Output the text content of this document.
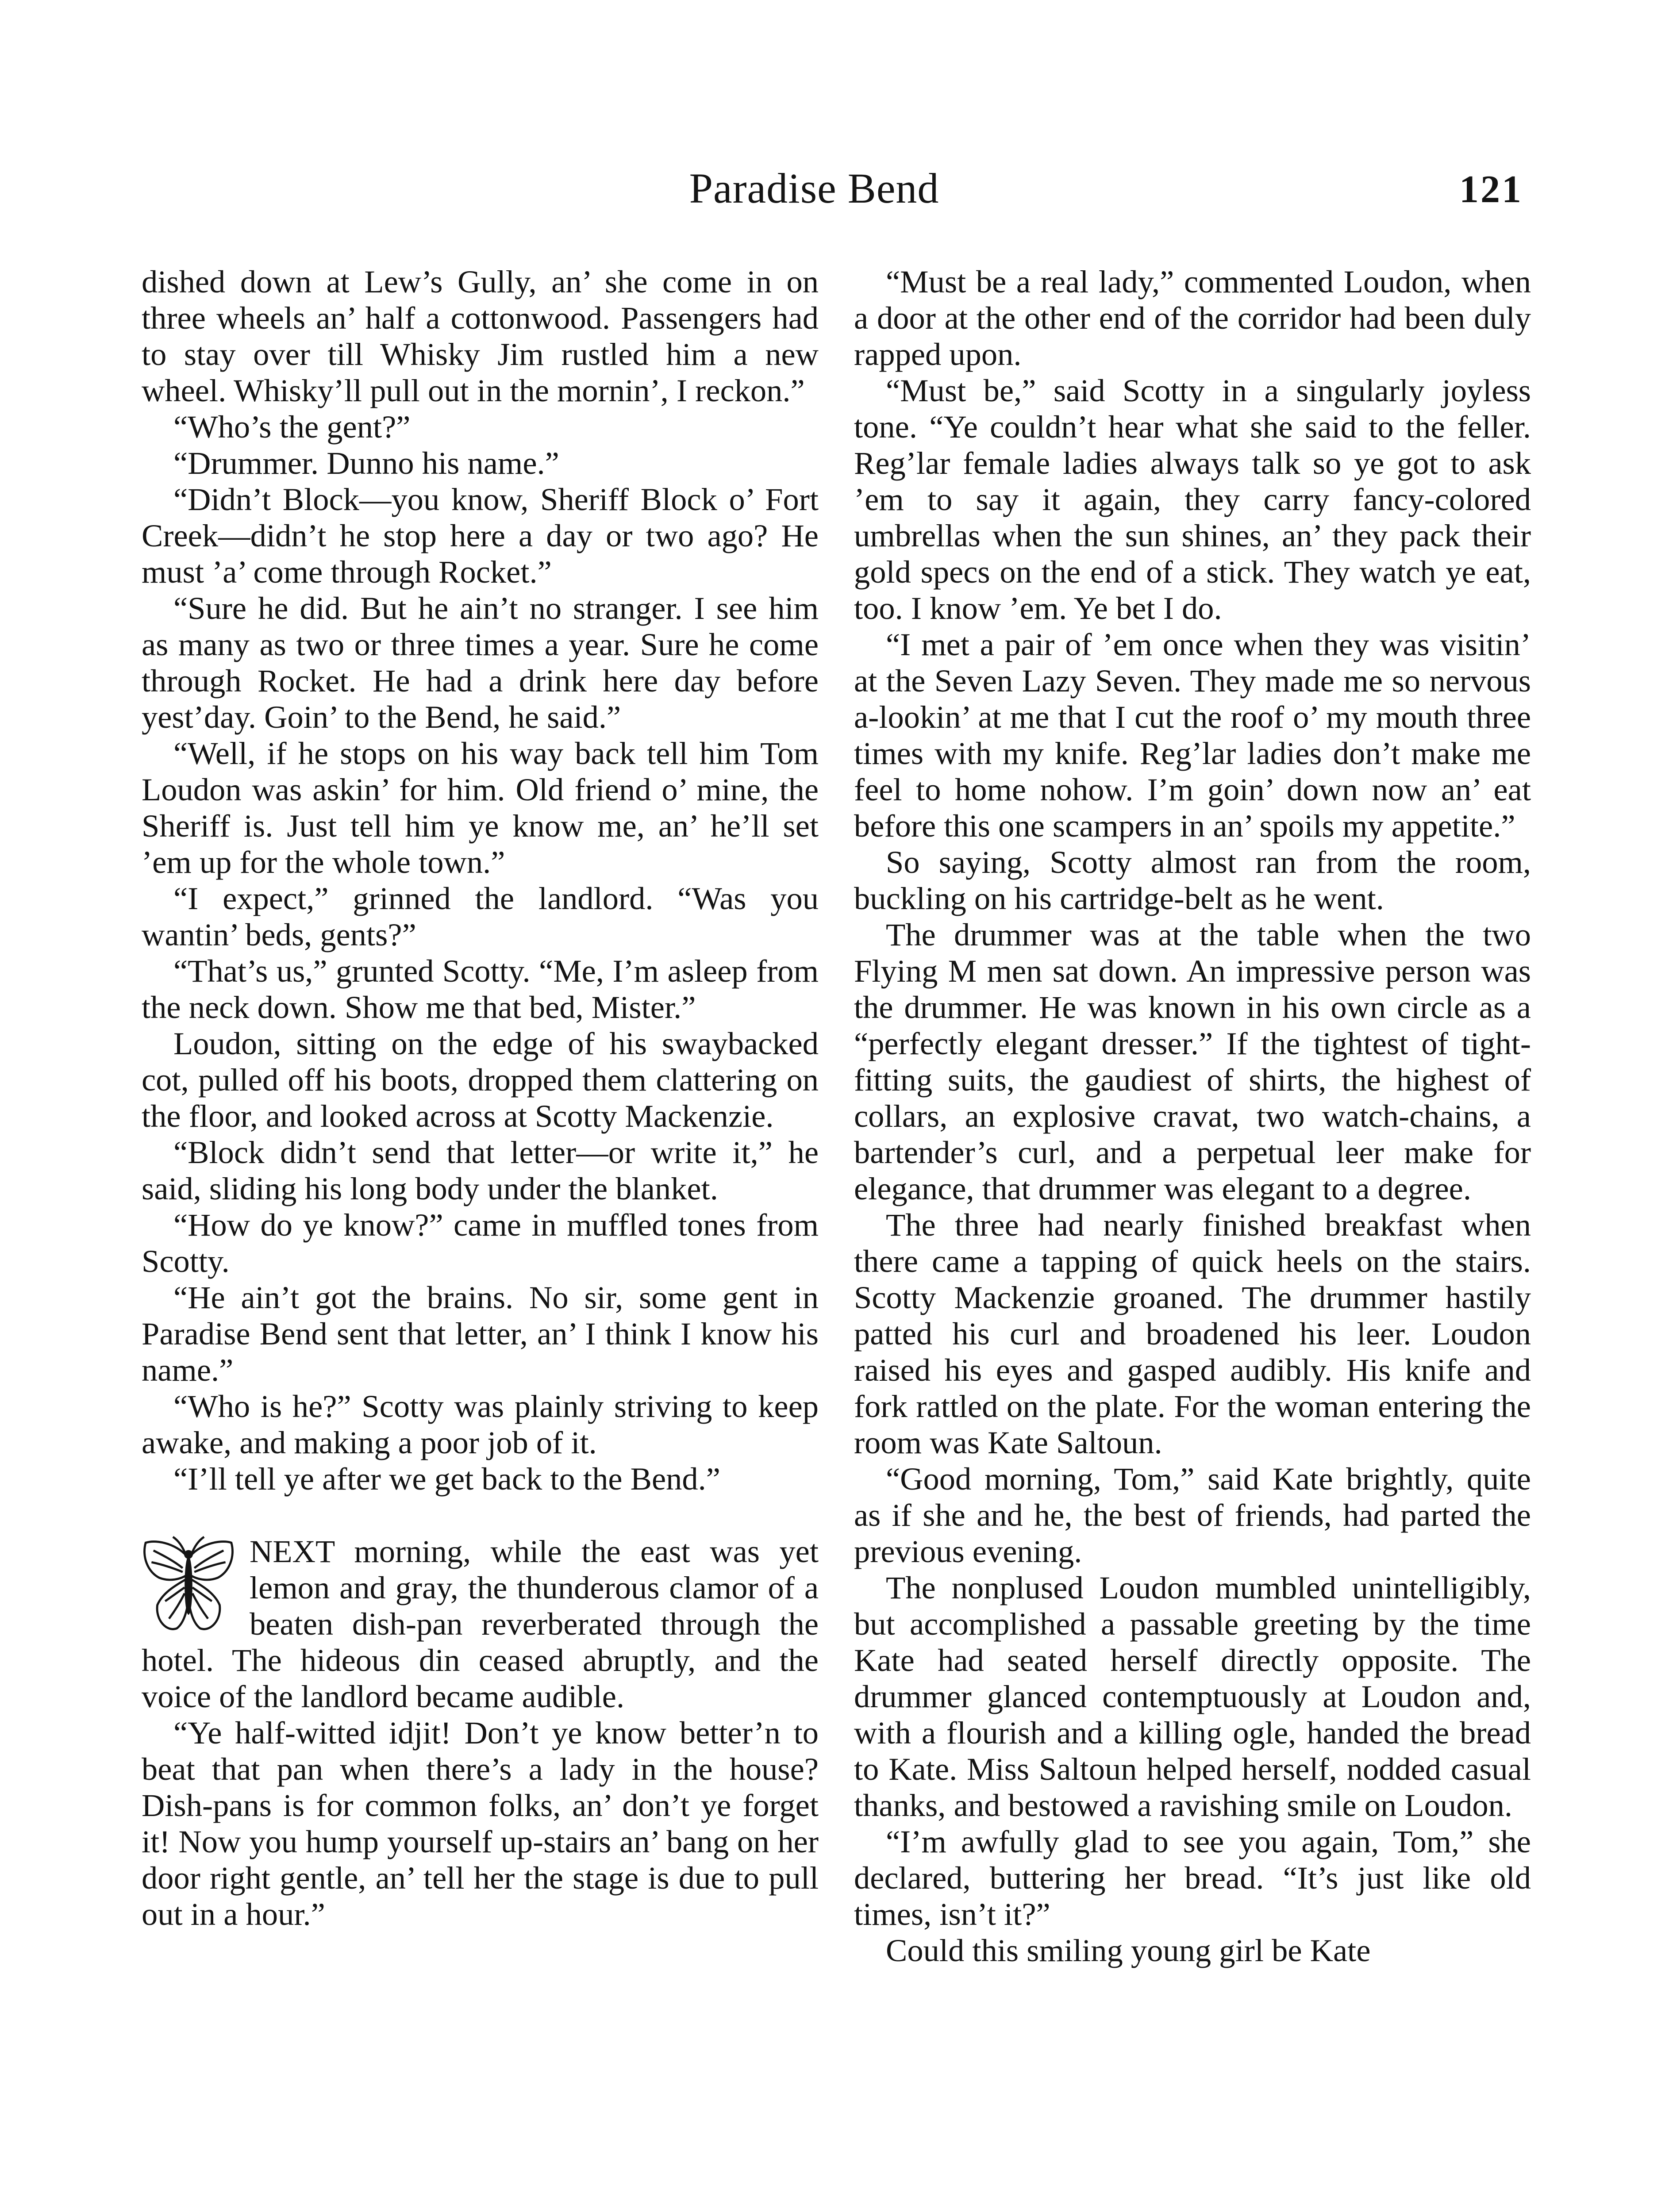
Paradise Bend	121

dished down at Lew’s Gully, an’ she come in on three wheels an’ half a cottonwood. Passengers had to stay over till Whisky Jim rustled him a new wheel. Whisky’ll pull out in the mornin’, I reckon.”

“Who’s the gent?”

“Drummer. Dunno his name.”

“Didn’t Block—you know, Sheriff Block o’ Fort Creek—didn’t he stop here a day or two ago? He must ’a’ come through Rocket.”

“Sure he did. But he ain’t no stranger. I see him as many as two or three times a year. Sure he come through Rocket. He had a drink here day before yest’day. Goin’ to the Bend, he said.”

“Well, if he stops on his way back tell him Tom Loudon was askin’ for him. Old friend o’ mine, the Sheriff is. Just tell him ye know me, an’ he’ll set ’em up for the whole town.”

“I expect,” grinned the landlord. “Was you wantin’ beds, gents?”

“That’s us,” grunted Scotty. “Me, I’m asleep from the neck down. Show me that bed, Mister.”

Loudon, sitting on the edge of his swaybacked cot, pulled off his boots, dropped them clattering on the floor, and looked across at Scotty Mackenzie.

“Block didn’t send that letter—or write it,” he said, sliding his long body under the blanket.

“How do ye know?” came in muffled tones from Scotty.

“He ain’t got the brains. No sir, some gent in Paradise Bend sent that letter, an’ I think I know his name.”

“Who is he?” Scotty was plainly striving to keep awake, and making a poor job of it.

“I’ll tell ye after we get back to the Bend.”

NEXT morning, while the east was yet lemon and gray, the thunderous clamor of a beaten dish-pan reverberated through the hotel. The hideous din ceased abruptly, and the voice of the landlord became audible.

“Ye half-witted idjit! Don’t ye know better’n to beat that pan when there’s a lady in the house? Dish-pans is for common folks, an’ don’t ye forget it! Now you hump yourself up-stairs an’ bang on her door right gentle, an’ tell her the stage is due to pull out in a hour.”

“Must be a real lady,” commented Loudon, when a door at the other end of the corridor had been duly rapped upon.

“Must be,” said Scotty in a singularly joyless tone. “Ye couldn’t hear what she said to the feller. Reg’lar female ladies always talk so ye got to ask ’em to say it again, they carry fancy-colored umbrellas when the sun shines, an’ they pack their gold specs on the end of a stick. They watch ye eat, too. I know ’em. Ye bet I do.

“I met a pair of ’em once when they was visitin’ at the Seven Lazy Seven. They made me so nervous a-lookin’ at me that I cut the roof o’ my mouth three times with my knife. Reg’lar ladies don’t make me feel to home nohow. I’m goin’ down now an’ eat before this one scampers in an’ spoils my appetite.”

So saying, Scotty almost ran from the room, buckling on his cartridge-belt as he went.

The drummer was at the table when the two Flying M men sat down. An impressive person was the drummer. He was known in his own circle as a “perfectly elegant dresser.” If the tightest of tight-fitting suits, the gaudiest of shirts, the highest of collars, an explosive cravat, two watch-chains, a bartender’s curl, and a perpetual leer make for elegance, that drummer was elegant to a degree.

The three had nearly finished breakfast when there came a tapping of quick heels on the stairs. Scotty Mackenzie groaned. The drummer hastily patted his curl and broadened his leer. Loudon raised his eyes and gasped audibly. His knife and fork rattled on the plate. For the woman entering the room was Kate Saltoun.

“Good morning, Tom,” said Kate brightly, quite as if she and he, the best of friends, had parted the previous evening.

The nonplused Loudon mumbled unintelligibly, but accomplished a passable greeting by the time Kate had seated herself directly opposite. The drummer glanced contemptuously at Loudon and, with a flourish and a killing ogle, handed the bread to Kate. Miss Saltoun helped herself, nodded casual thanks, and bestowed a ravishing smile on Loudon.

“I’m awfully glad to see you again, Tom,” she declared, buttering her bread. “It’s just like old times, isn’t it?”

Could this smiling young girl be Kate
